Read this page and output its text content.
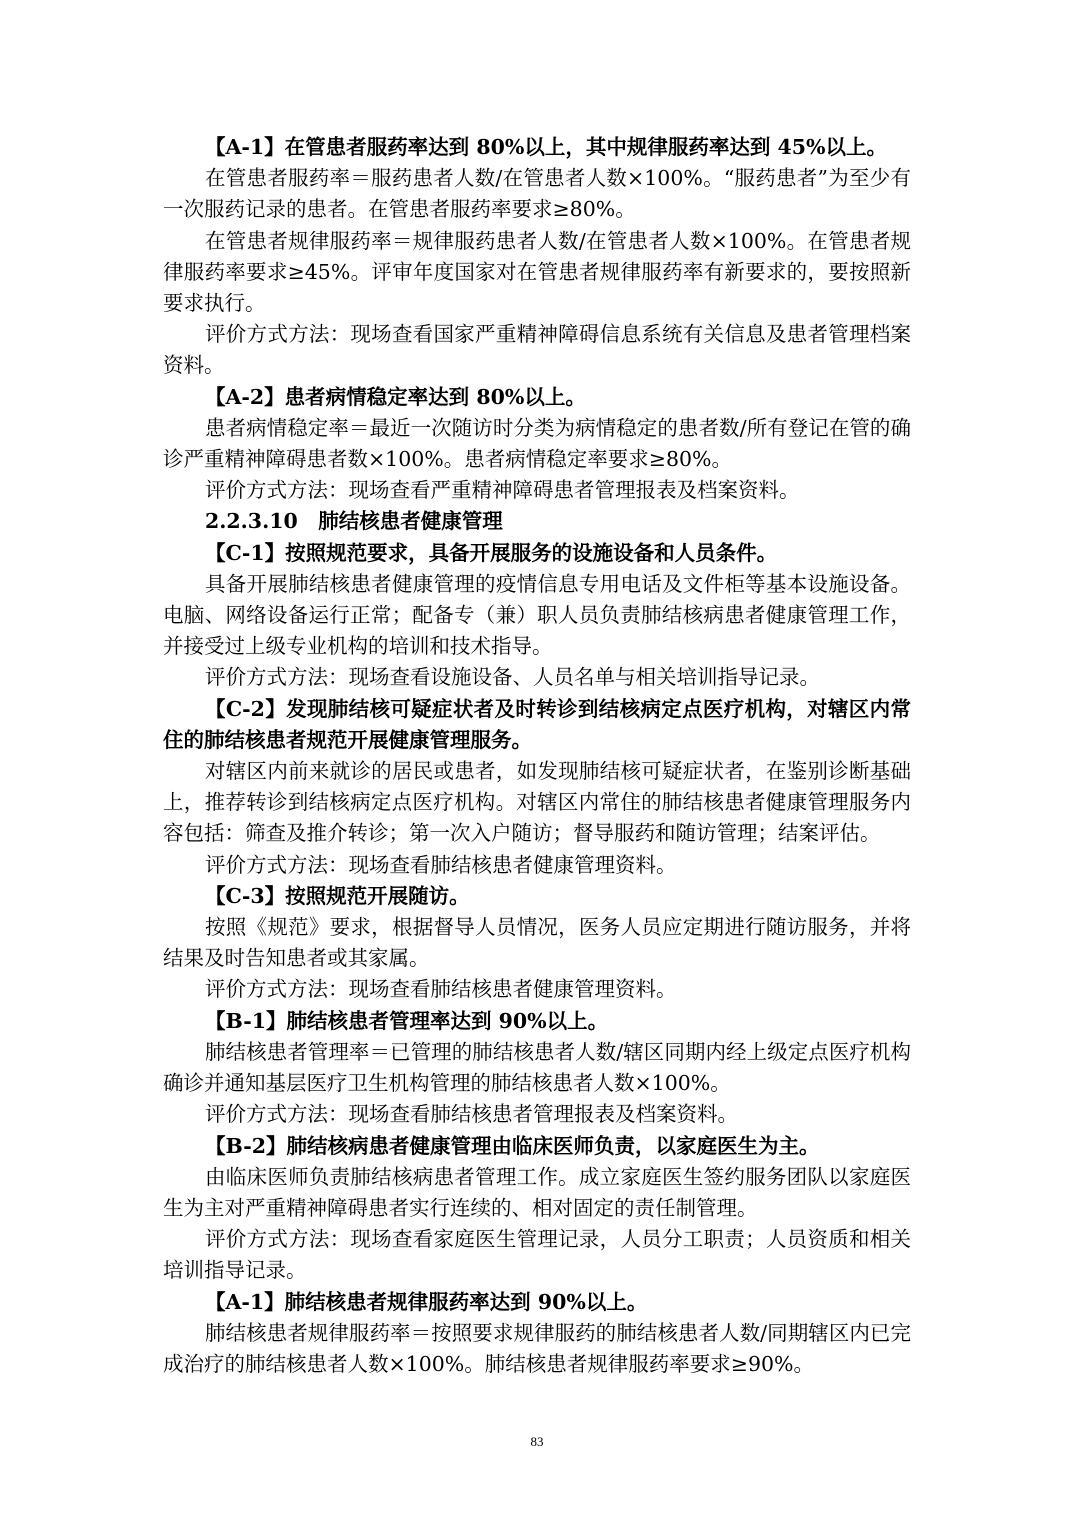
【A-1】在管患者服药率达到 80%以上，其中规律服药率达到 45%以上。

在管患者服药率＝服药患者人数/在管患者人数×100%。“服药患者”为至少有一次服药记录的患者。在管患者服药率要求≥80%。

在管患者规律服药率＝规律服药患者人数/在管患者人数×100%。在管患者规律服药率要求≥45%。评审年度国家对在管患者规律服药率有新要求的，要按照新要求执行。

评价方式方法：现场查看国家严重精神障碍信息系统有关信息及患者管理档案资料。

【A-2】患者病情稳定率达到 80%以上。

患者病情稳定率＝最近一次随访时分类为病情稳定的患者数/所有登记在管的确诊严重精神障碍患者数×100%。患者病情稳定率要求≥80%。

评价方式方法：现场查看严重精神障碍患者管理报表及档案资料。

2.2.3.10　肺结核患者健康管理

【C-1】按照规范要求，具备开展服务的设施设备和人员条件。

具备开展肺结核患者健康管理的疫情信息专用电话及文件柜等基本设施设备。电脑、网络设备运行正常；配备专（兼）职人员负责肺结核病患者健康管理工作，并接受过上级专业机构的培训和技术指导。

评价方式方法：现场查看设施设备、人员名单与相关培训指导记录。

【C-2】发现肺结核可疑症状者及时转诊到结核病定点医疗机构，对辖区内常住的肺结核患者规范开展健康管理服务。

对辖区内前来就诊的居民或患者，如发现肺结核可疑症状者，在鉴别诊断基础上，推荐转诊到结核病定点医疗机构。对辖区内常住的肺结核患者健康管理服务内容包括：筛查及推介转诊；第一次入户随访；督导服药和随访管理；结案评估。

评价方式方法：现场查看肺结核患者健康管理资料。

【C-3】按照规范开展随访。

按照《规范》要求，根据督导人员情况，医务人员应定期进行随访服务，并将结果及时告知患者或其家属。

评价方式方法：现场查看肺结核患者健康管理资料。

【B-1】肺结核患者管理率达到 90%以上。

肺结核患者管理率＝已管理的肺结核患者人数/辖区同期内经上级定点医疗机构确诊并通知基层医疗卫生机构管理的肺结核患者人数×100%。

评价方式方法：现场查看肺结核患者管理报表及档案资料。

【B-2】肺结核病患者健康管理由临床医师负责，以家庭医生为主。

由临床医师负责肺结核病患者管理工作。成立家庭医生签约服务团队以家庭医生为主对严重精神障碍患者实行连续的、相对固定的责任制管理。

评价方式方法：现场查看家庭医生管理记录，人员分工职责；人员资质和相关培训指导记录。

【A-1】肺结核患者规律服药率达到 90%以上。

肺结核患者规律服药率＝按照要求规律服药的肺结核患者人数/同期辖区内已完成治疗的肺结核患者人数×100%。肺结核患者规律服药率要求≥90%。

83
